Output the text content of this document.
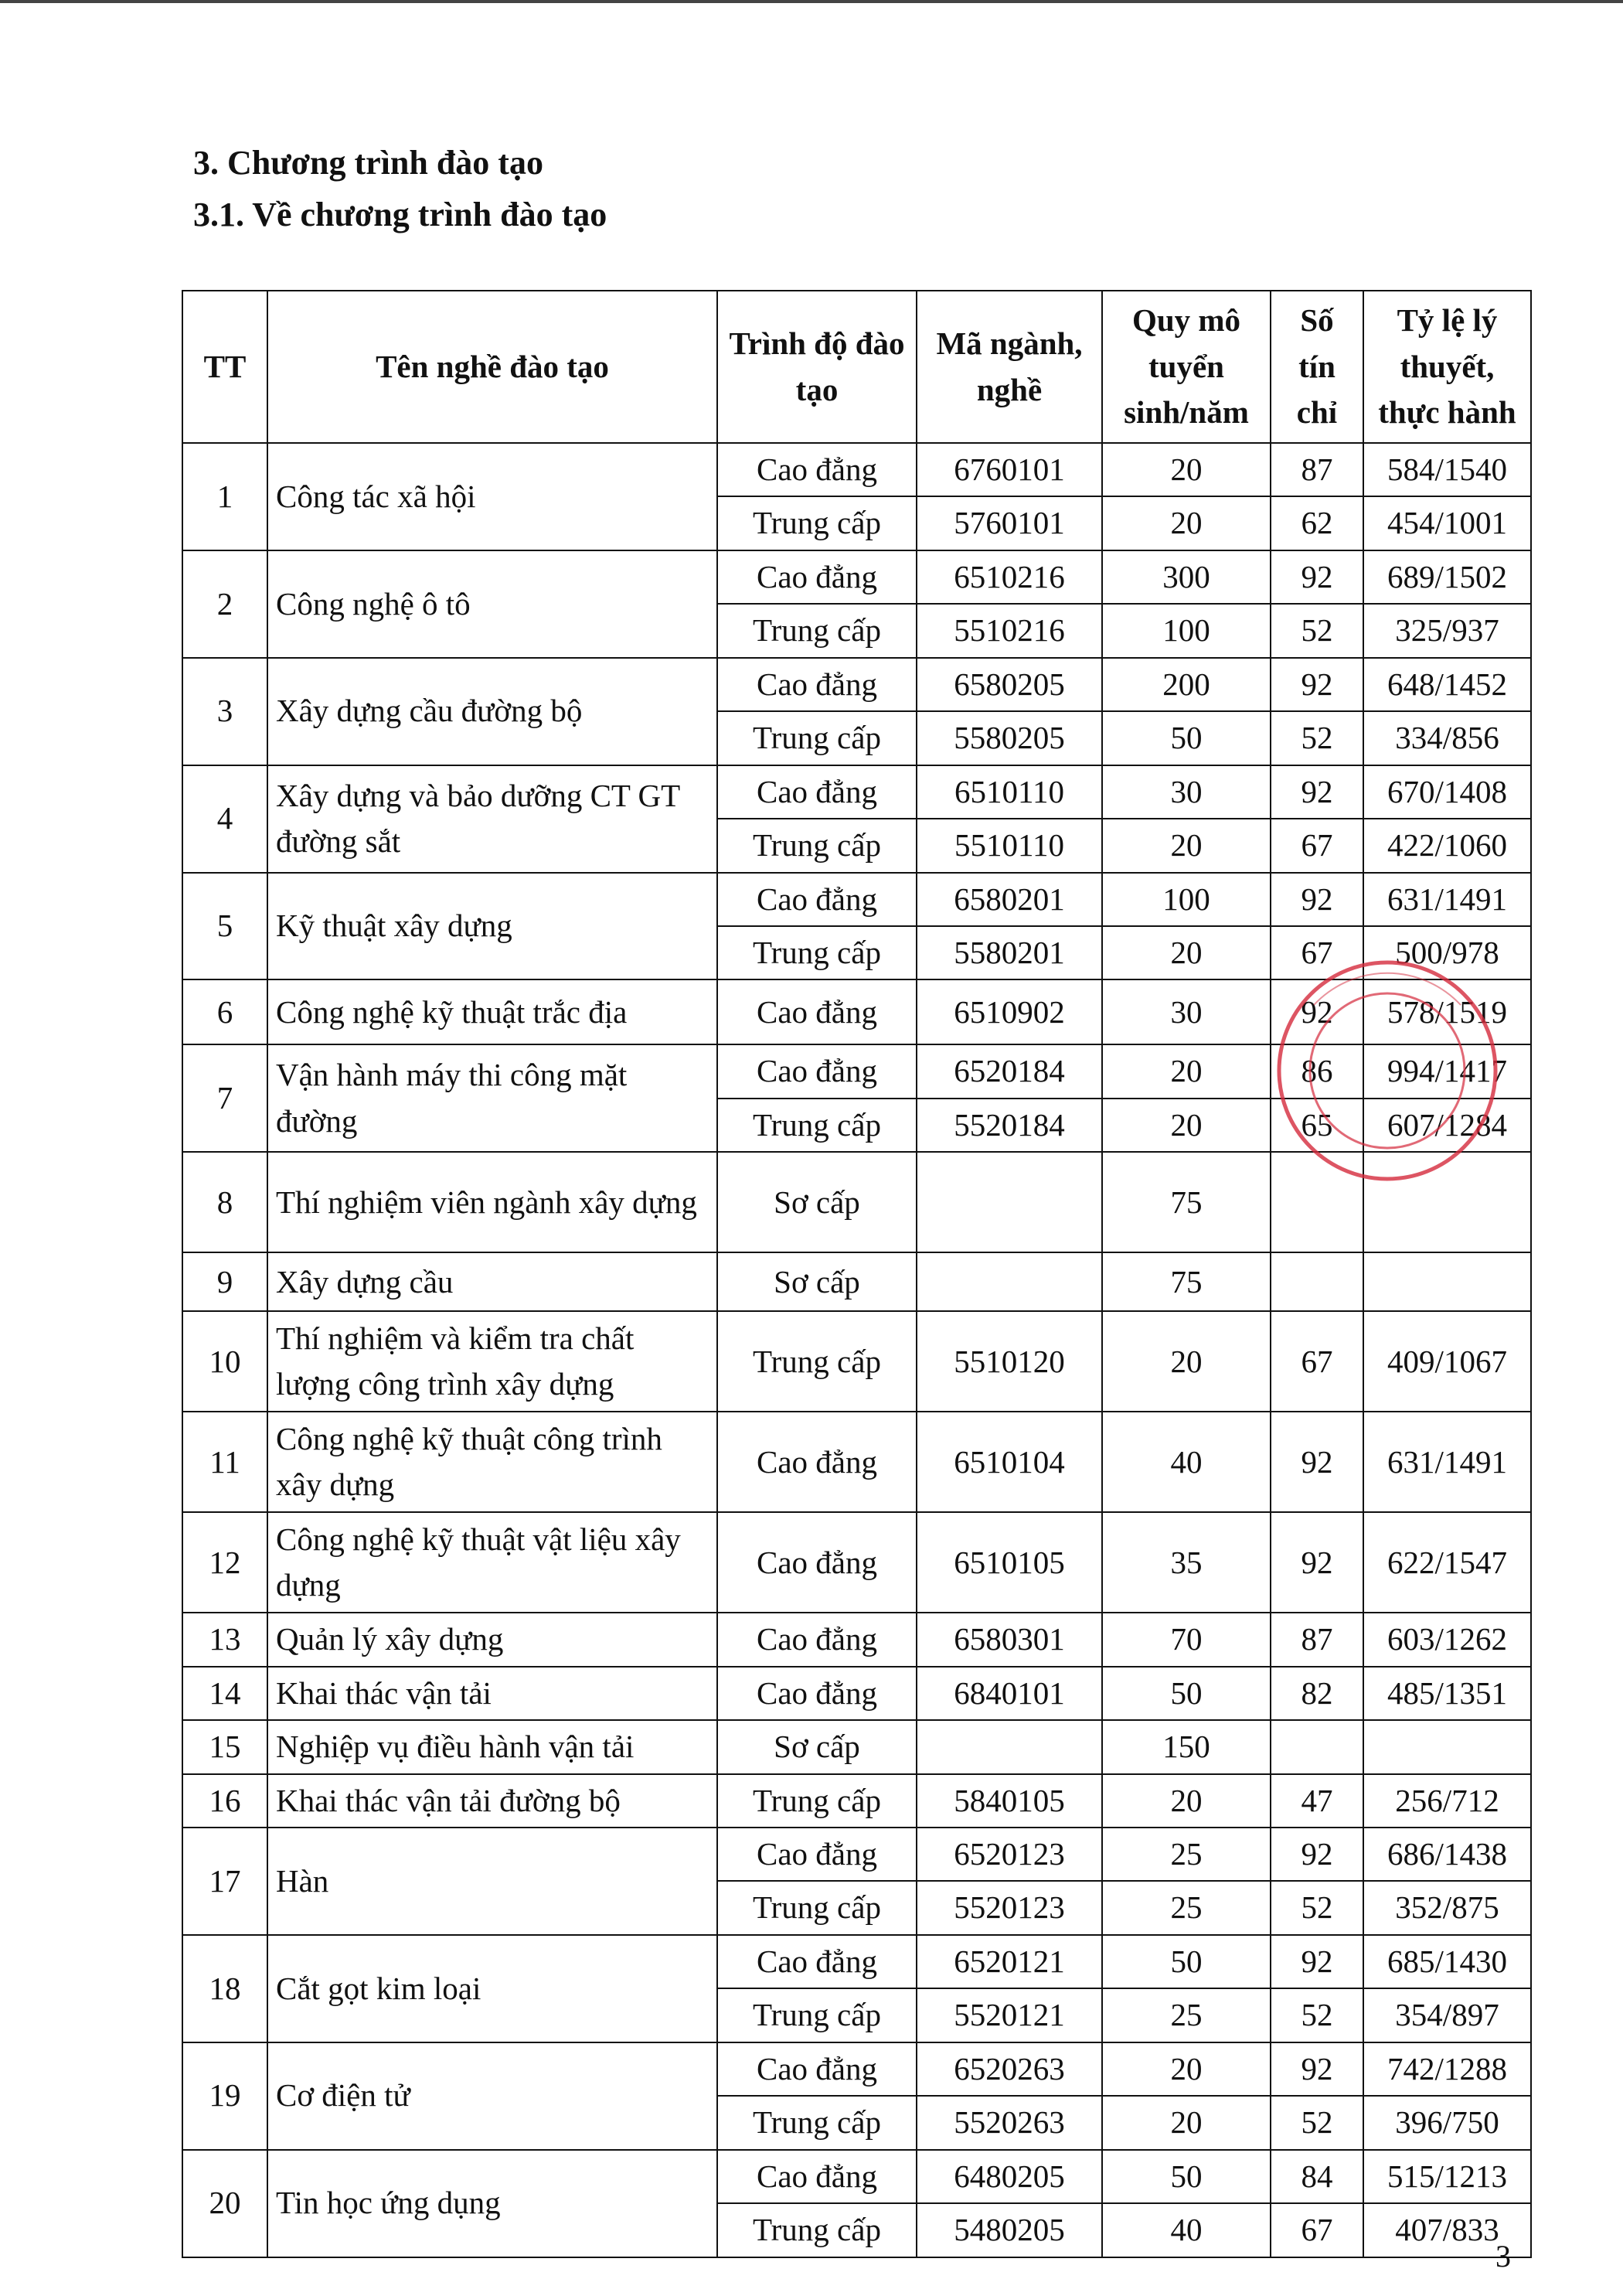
3. Chương trình đào tạo
3.1. Về chương trình đào tạo
TT	Tên nghề đào tạo	Trình độ đào tạo	Mã ngành, nghề	Quy mô tuyển sinh/năm	Số tín chỉ	Tỷ lệ lý thuyết, thực hành
1	Công tác xã hội	Cao đẳng	6760101	20	87	584/1540
		Trung cấp	5760101	20	62	454/1001
2	Công nghệ ô tô	Cao đẳng	6510216	300	92	689/1502
		Trung cấp	5510216	100	52	325/937
3	Xây dựng cầu đường bộ	Cao đẳng	6580205	200	92	648/1452
		Trung cấp	5580205	50	52	334/856
4	Xây dựng và bảo dưỡng CT GT đường sắt	Cao đẳng	6510110	30	92	670/1408
		Trung cấp	5510110	20	67	422/1060
5	Kỹ thuật xây dựng	Cao đẳng	6580201	100	92	631/1491
		Trung cấp	5580201	20	67	500/978
6	Công nghệ kỹ thuật trắc địa	Cao đẳng	6510902	30	92	578/1519
7	Vận hành máy thi công mặt đường	Cao đẳng	6520184	20	86	994/1417
		Trung cấp	5520184	20	65	607/1284
8	Thí nghiệm viên ngành xây dựng	Sơ cấp		75		
9	Xây dựng cầu	Sơ cấp		75		
10	Thí nghiệm và kiểm tra chất lượng công trình xây dựng	Trung cấp	5510120	20	67	409/1067
11	Công nghệ kỹ thuật công trình xây dựng	Cao đẳng	6510104	40	92	631/1491
12	Công nghệ kỹ thuật vật liệu xây dựng	Cao đẳng	6510105	35	92	622/1547
13	Quản lý xây dựng	Cao đẳng	6580301	70	87	603/1262
14	Khai thác vận tải	Cao đẳng	6840101	50	82	485/1351
15	Nghiệp vụ điều hành vận tải	Sơ cấp		150		
16	Khai thác vận tải đường bộ	Trung cấp	5840105	20	47	256/712
17	Hàn	Cao đẳng	6520123	25	92	686/1438
		Trung cấp	5520123	25	52	352/875
18	Cắt gọt kim loại	Cao đẳng	6520121	50	92	685/1430
		Trung cấp	5520121	25	52	354/897
19	Cơ điện tử	Cao đẳng	6520263	20	92	742/1288
		Trung cấp	5520263	20	52	396/750
20	Tin học ứng dụng	Cao đẳng	6480205	50	84	515/1213
		Trung cấp	5480205	40	67	407/833
3
